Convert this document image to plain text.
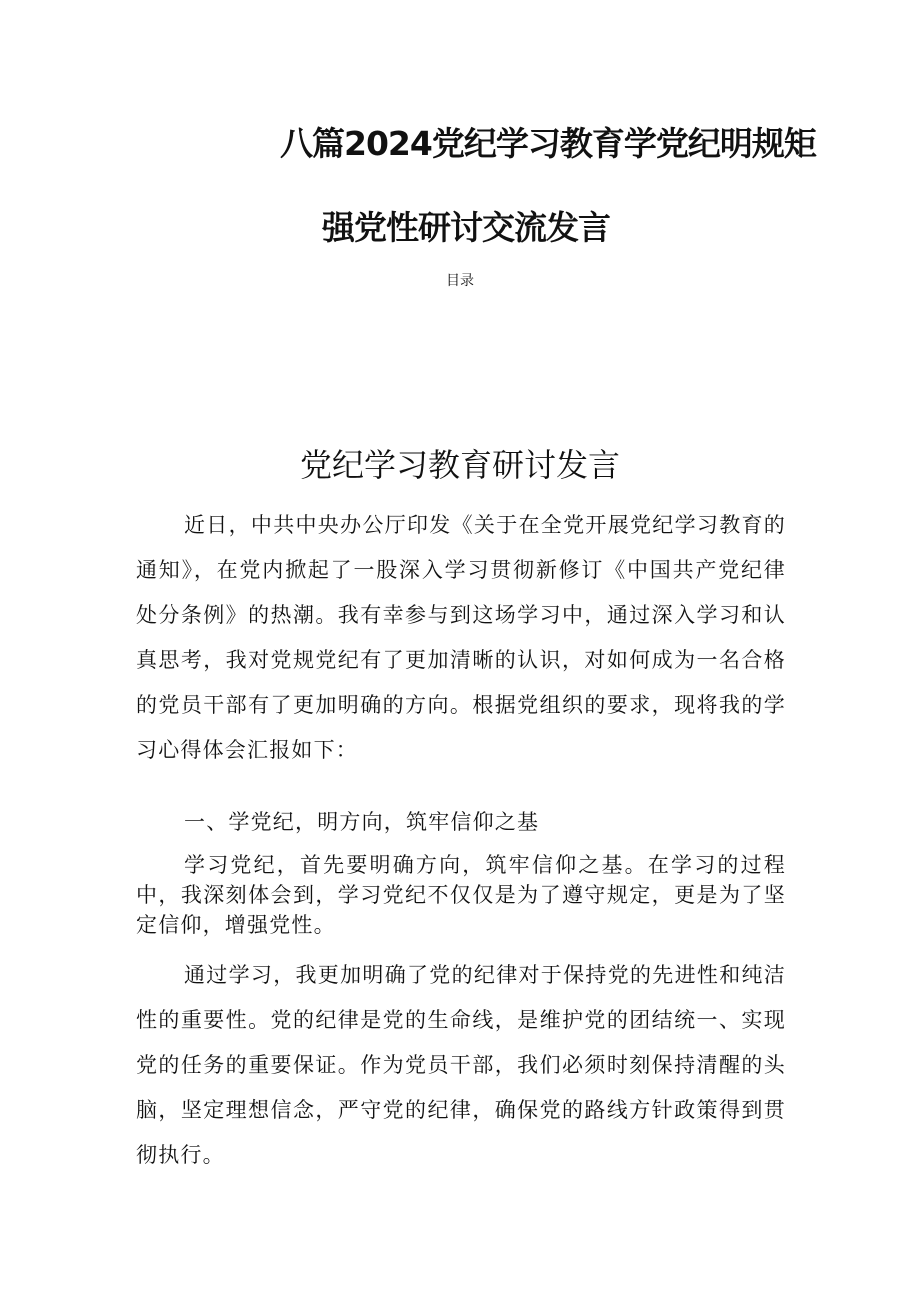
八篇2024党纪学习教育学党纪明规矩
强党性研讨交流发言
目录
党纪学习教育研讨发言

近日，中共中央办公厅印发《关于在全党开展党纪学习教育的通知》，在党内掀起了一股深入学习贯彻新修订《中国共产党纪律处分条例》的热潮。我有幸参与到这场学习中，通过深入学习和认真思考，我对党规党纪有了更加清晰的认识，对如何成为一名合格的党员干部有了更加明确的方向。根据党组织的要求，现将我的学习心得体会汇报如下：

一、学党纪，明方向，筑牢信仰之基

学习党纪，首先要明确方向，筑牢信仰之基。在学习的过程中，我深刻体会到，学习党纪不仅仅是为了遵守规定，更是为了坚定信仰，增强党性。

通过学习，我更加明确了党的纪律对于保持党的先进性和纯洁性的重要性。党的纪律是党的生命线，是维护党的团结统一、实现党的任务的重要保证。作为党员干部，我们必须时刻保持清醒的头脑，坚定理想信念，严守党的纪律，确保党的路线方针政策得到贯彻执行。
